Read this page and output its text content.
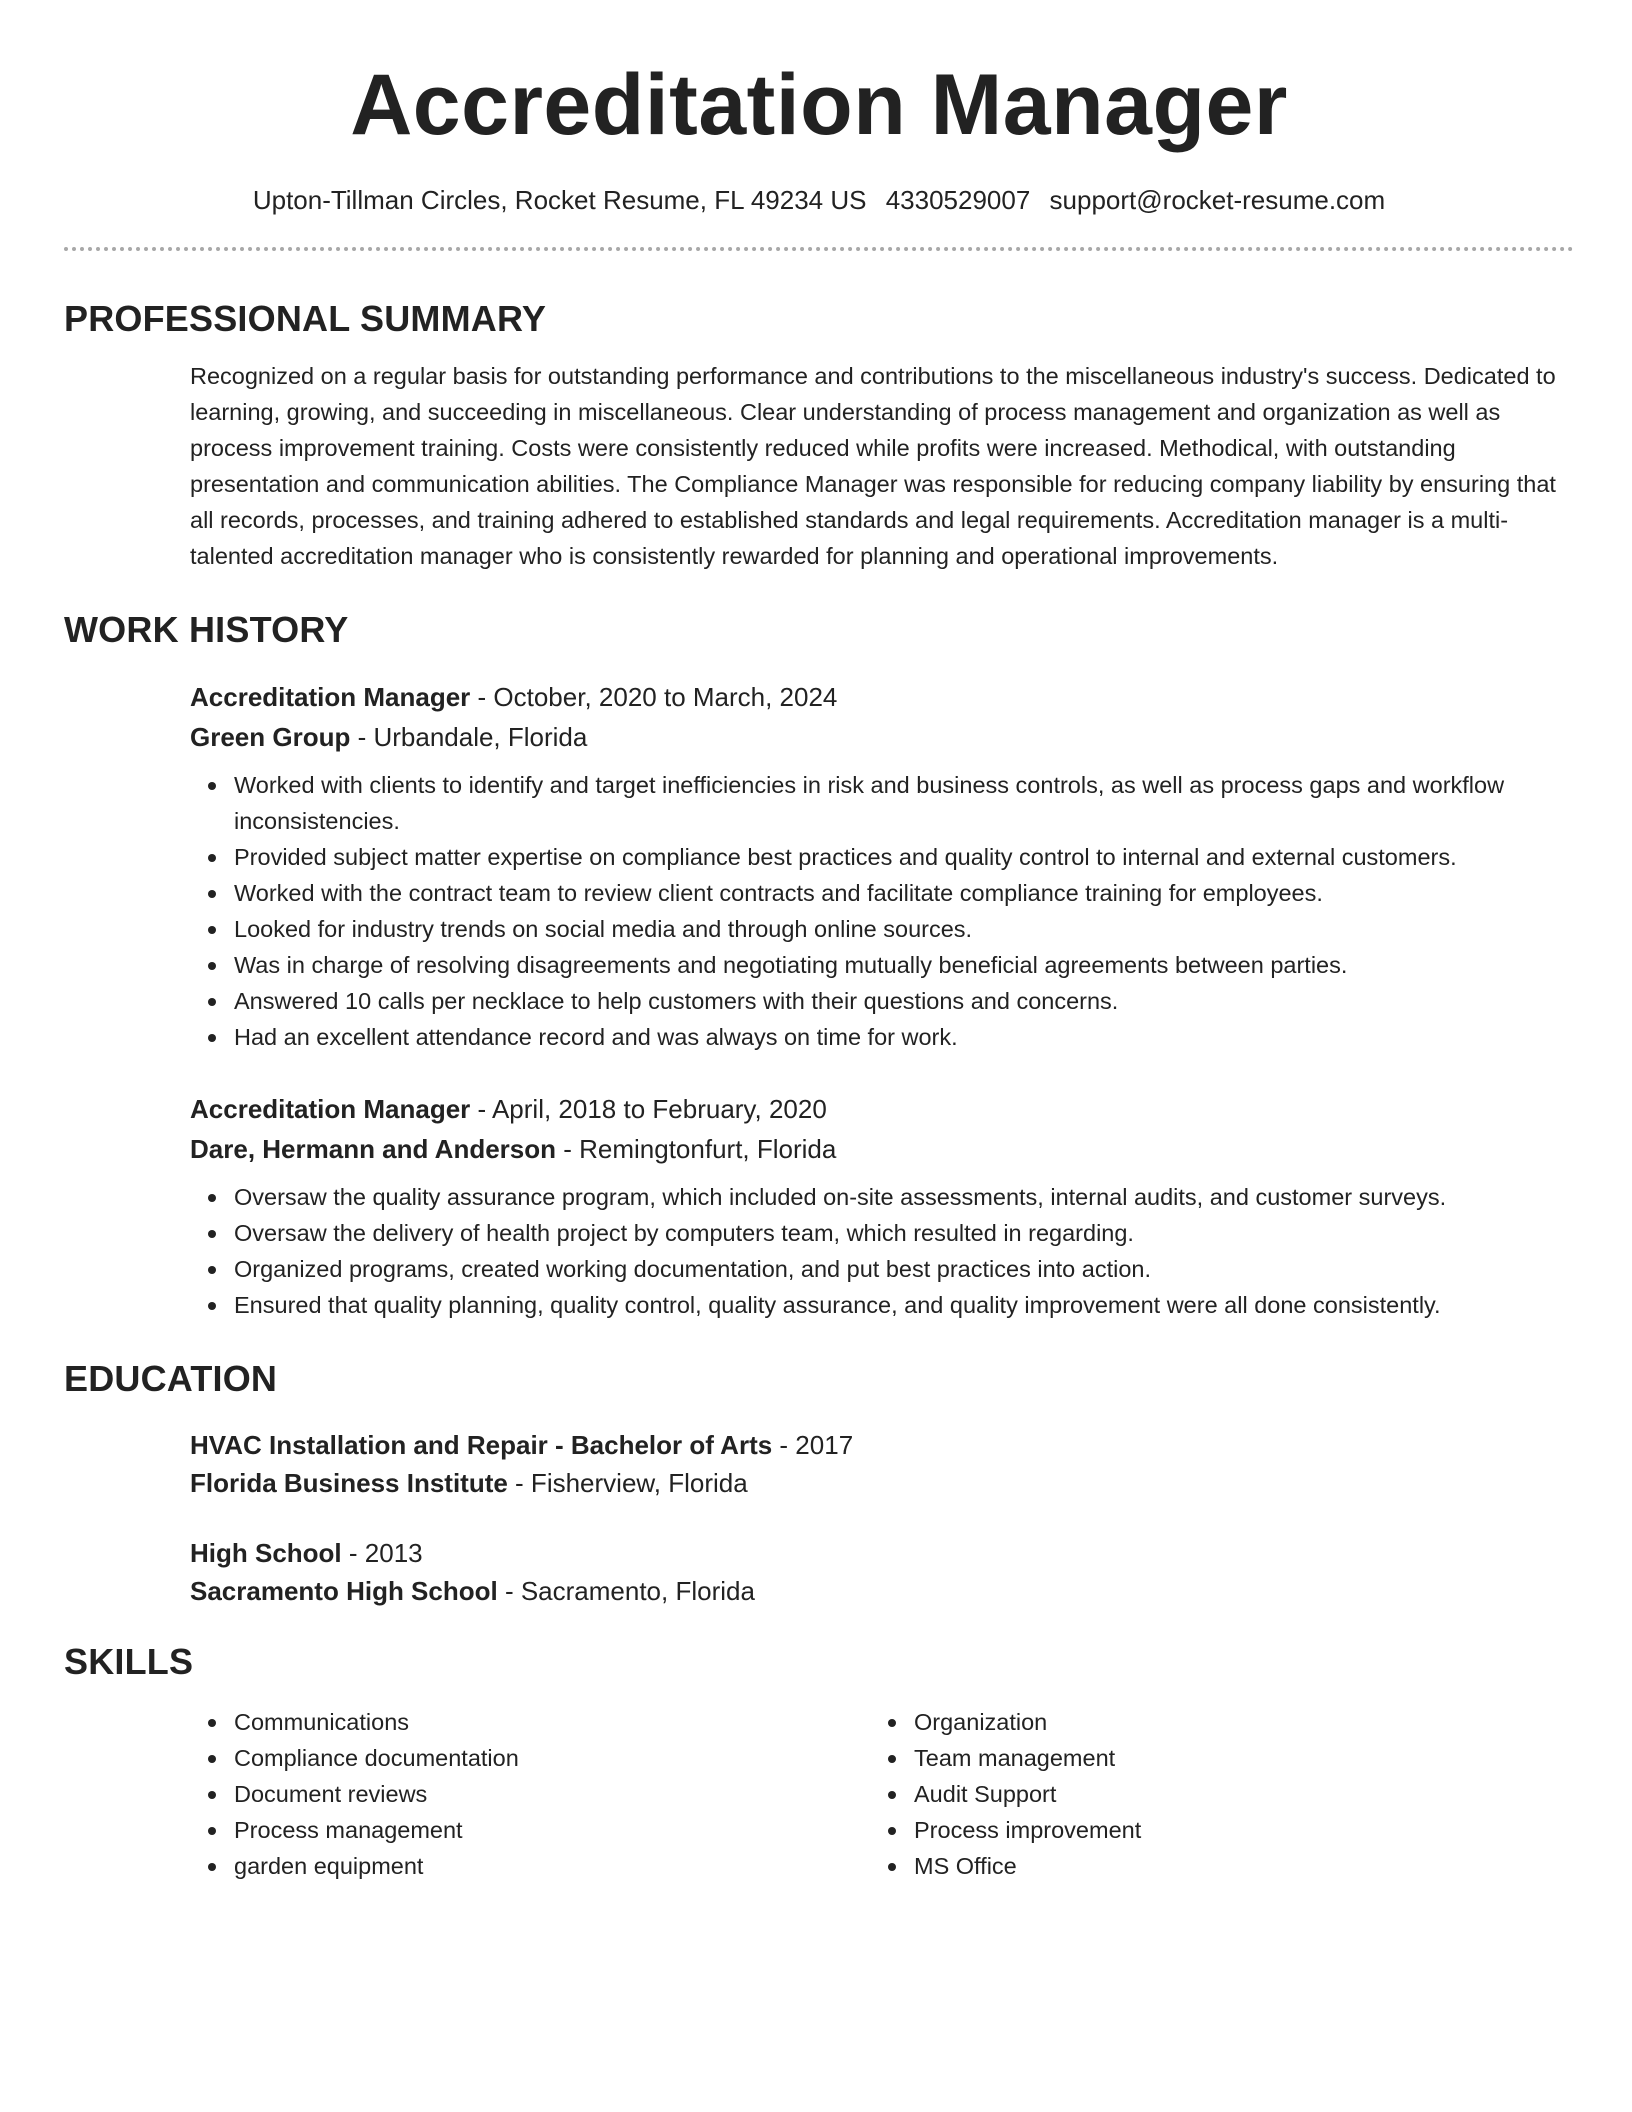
Accreditation Manager
Upton-Tillman Circles, Rocket Resume, FL 49234 US 4330529007 support@rocket-resume.com
PROFESSIONAL SUMMARY
Recognized on a regular basis for outstanding performance and contributions to the miscellaneous industry's success. Dedicated to learning, growing, and succeeding in miscellaneous. Clear understanding of process management and organization as well as process improvement training. Costs were consistently reduced while profits were increased. Methodical, with outstanding presentation and communication abilities. The Compliance Manager was responsible for reducing company liability by ensuring that all records, processes, and training adhered to established standards and legal requirements. Accreditation manager is a multi-talented accreditation manager who is consistently rewarded for planning and operational improvements.
WORK HISTORY
Accreditation Manager - October, 2020 to March, 2024
Green Group - Urbandale, Florida
Worked with clients to identify and target inefficiencies in risk and business controls, as well as process gaps and workflow inconsistencies.
Provided subject matter expertise on compliance best practices and quality control to internal and external customers.
Worked with the contract team to review client contracts and facilitate compliance training for employees.
Looked for industry trends on social media and through online sources.
Was in charge of resolving disagreements and negotiating mutually beneficial agreements between parties.
Answered 10 calls per necklace to help customers with their questions and concerns.
Had an excellent attendance record and was always on time for work.
Accreditation Manager - April, 2018 to February, 2020
Dare, Hermann and Anderson - Remingtonfurt, Florida
Oversaw the quality assurance program, which included on-site assessments, internal audits, and customer surveys.
Oversaw the delivery of health project by computers team, which resulted in regarding.
Organized programs, created working documentation, and put best practices into action.
Ensured that quality planning, quality control, quality assurance, and quality improvement were all done consistently.
EDUCATION
HVAC Installation and Repair - Bachelor of Arts - 2017
Florida Business Institute - Fisherview, Florida
High School - 2013
Sacramento High School - Sacramento, Florida
SKILLS
Communications
Compliance documentation
Document reviews
Process management
garden equipment
Organization
Team management
Audit Support
Process improvement
MS Office
